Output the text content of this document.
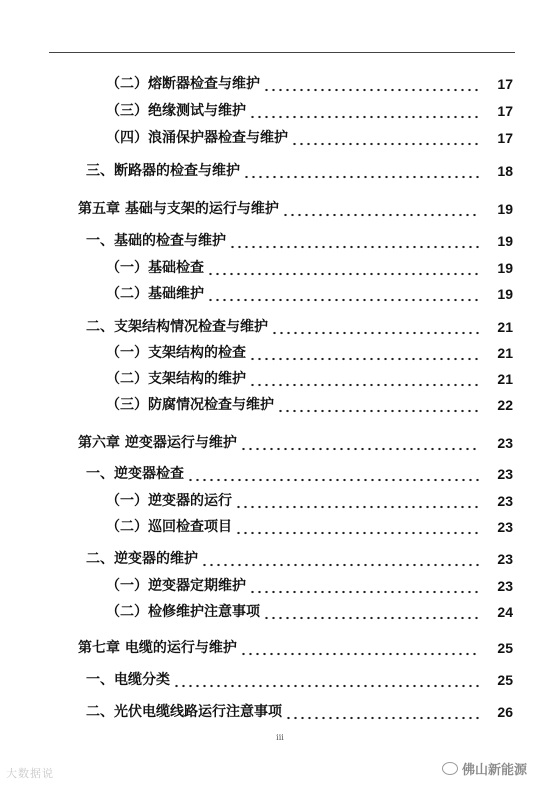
（二）熔断器检查与维护	17
（三）绝缘测试与维护	17
（四）浪涌保护器检查与维护	17
三、断路器的检查与维护	18
第五章 基础与支架的运行与维护	19
一、基础的检查与维护	19
（一）基础检查	19
（二）基础维护	19
二、支架结构情况检查与维护	21
（一）支架结构的检查	21
（二）支架结构的维护	21
（三）防腐情况检查与维护	22
第六章 逆变器运行与维护	23
一、逆变器检查	23
（一）逆变器的运行	23
（二）巡回检查项目	23
二、逆变器的维护	23
（一）逆变器定期维护	23
（二）检修维护注意事项	24
第七章 电缆的运行与维护	25
一、电缆分类	25
二、光伏电缆线路运行注意事项	26
iii
大数据说	佛山新能源
